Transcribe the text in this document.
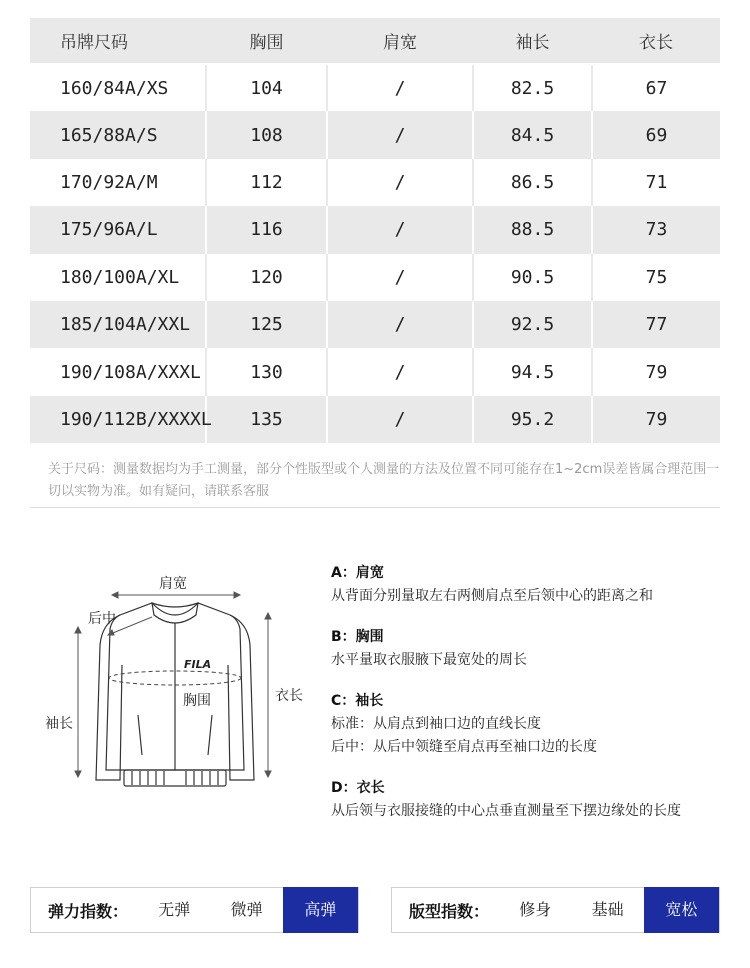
吊牌尺码	胸围	肩宽	袖长	衣长
160/84A/XS	104	/	82.5	67
165/88A/S	108	/	84.5	69
170/92A/M	112	/	86.5	71
175/96A/L	116	/	88.5	73
180/100A/XL	120	/	90.5	75
185/104A/XXL	125	/	92.5	77
190/108A/XXXL	130	/	94.5	79
190/112B/XXXXL	135	/	95.2	79
关于尺码：测量数据均为手工测量，部分个性版型或个人测量的方法及位置不同可能存在1~2cm误差皆属合理范围一切以实物为准。如有疑问，请联系客服
肩宽
后中
胸围	衣长
袖长
FILA
A：肩宽
从背面分别量取左右两侧肩点至后领中心的距离之和
B：胸围
水平量取衣服腋下最宽处的周长
C：袖长
标准：从肩点到袖口边的直线长度
后中：从后中领缝至肩点再至袖口边的长度
D：衣长
从后领与衣服接缝的中心点垂直测量至下摆边缘处的长度
弹力指数：	无弹	微弹	高弹	版型指数：	修身	基础	宽松
